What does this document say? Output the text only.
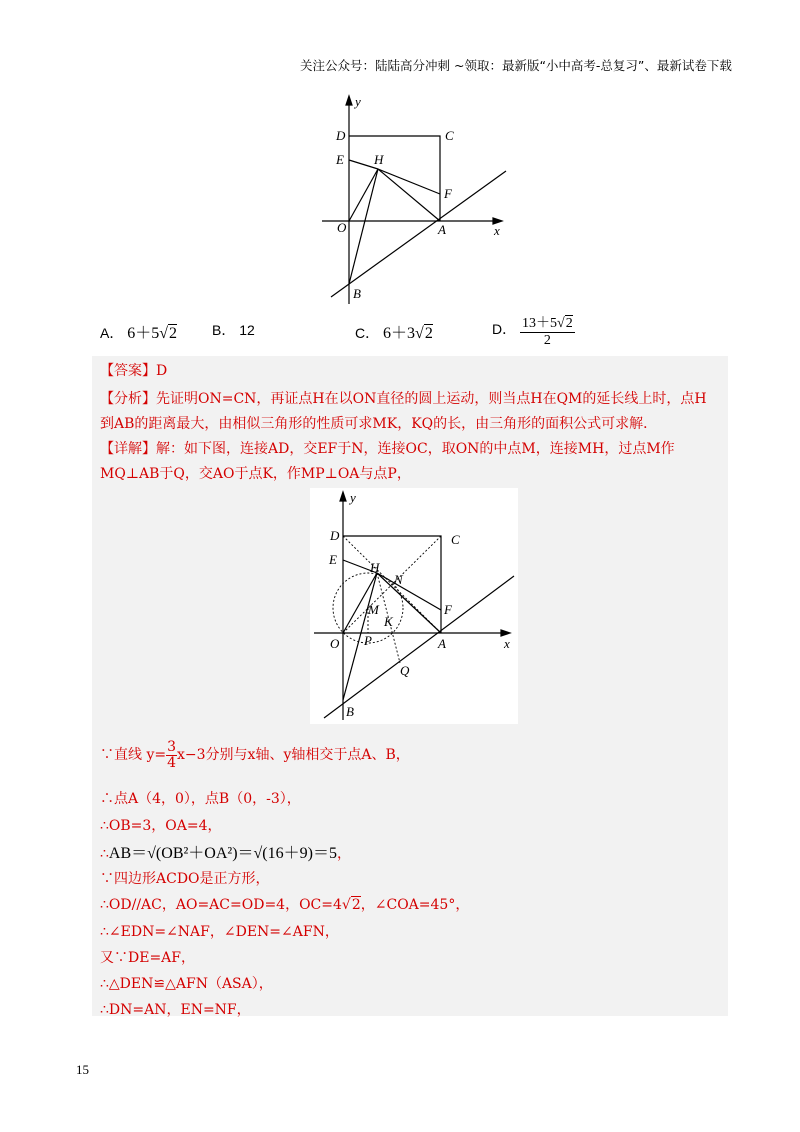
关注公众号：陆陆高分冲刺 ~领取：最新版“小中高考-总复习”、最新试卷下载
y
x
D	C
E H
F
O	A
B
A． 6＋5√2 B． 12	C． 6＋3√2	D． $\frac{13+5√2}{2}$
【答案】D
【分析】先证明ON=CN，再证点H在以ON直径的圆上运动，则当点H在QM的延长线上时，点H
到AB的距离最大，由相似三角形的性质可求MK，KQ的长，由三角形的面积公式可求解．
【详解】解：如下图，连接AD，交EF于N，连接OC，取ON的中点M，连接MH，过点M作
MQ⊥AB于Q，交AO于点K，作MP⊥OA与点P，
y
x
D	C
E
H
N
F
M
K
O P	A
Q
B
∵直线 $y= \frac{3}{4} x-3$分别与x轴、y轴相交于点A、B，
∴点A（4，0），点B（0，-3），
∴OB=3，OA=4，
∴AB＝√(OB²＋OA²)＝√(16＋9)＝5，
∵四边形ACDO是正方形，
∴OD//AC，AO=AC=OD=4，OC=4√2，∠COA=45°，
∴∠EDN=∠NAF，∠DEN=∠AFN，
又∵DE=AF，
∴△DEN≌△AFN（ASA），
∴DN=AN，EN=NF，
15
